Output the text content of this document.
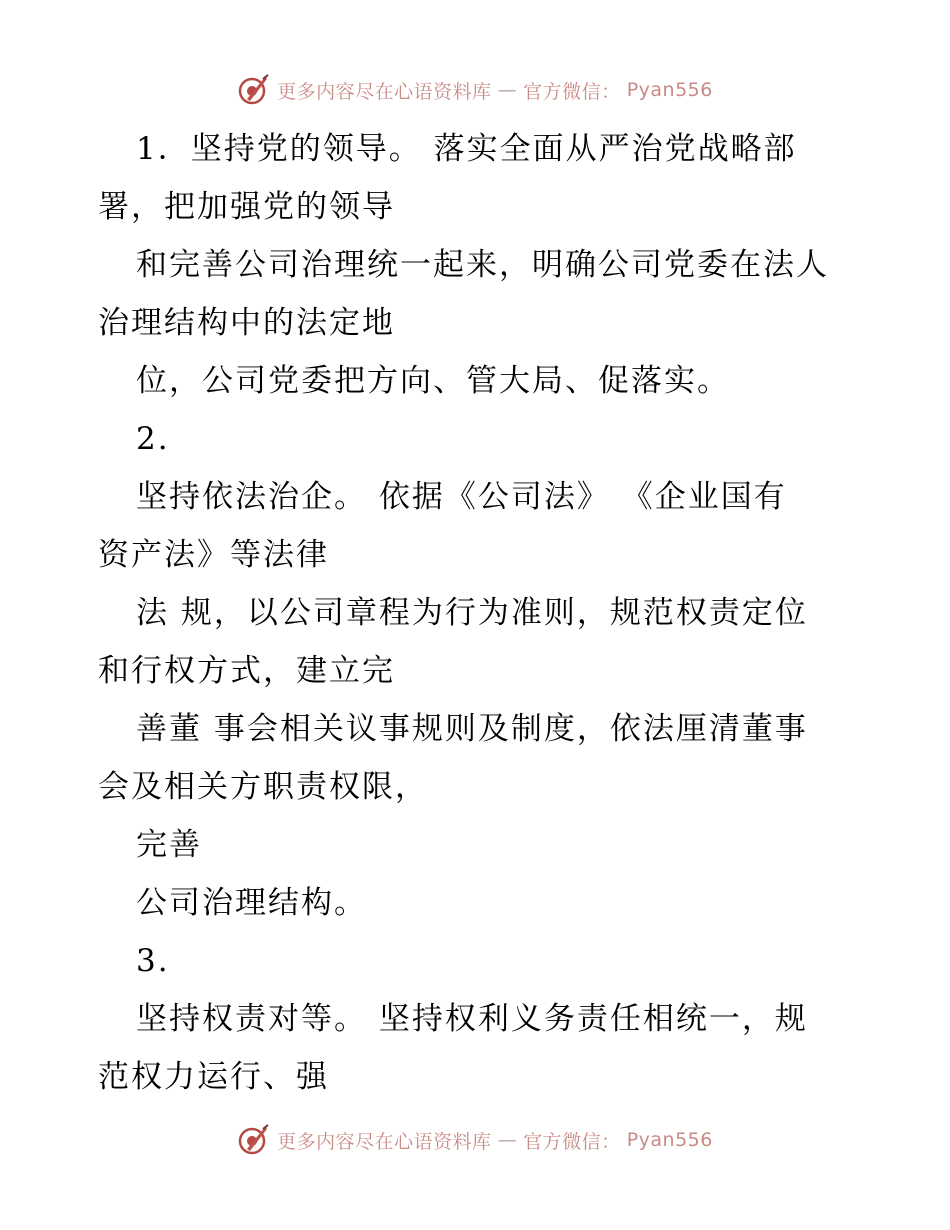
更多内容尽在心语资料库 — 官方微信： Pyan556
1．坚持党的领导。 落实全面从严治党战略部
署，把加强党的领导
和完善公司治理统一起来，明确公司党委在法人
治理结构中的法定地
位，公司党委把方向、管大局、促落实。
2.
坚持依法治企。 依据《公司法》 《企业国有
资产法》等法律
法 规，以公司章程为行为准则，规范权责定位
和行权方式，建立完
善董 事会相关议事规则及制度，依法厘清董事
会及相关方职责权限，
完善
公司治理结构。
3.
坚持权责对等。 坚持权利义务责任相统一，规
范权力运行、强
更多内容尽在心语资料库 — 官方微信： Pyan556
